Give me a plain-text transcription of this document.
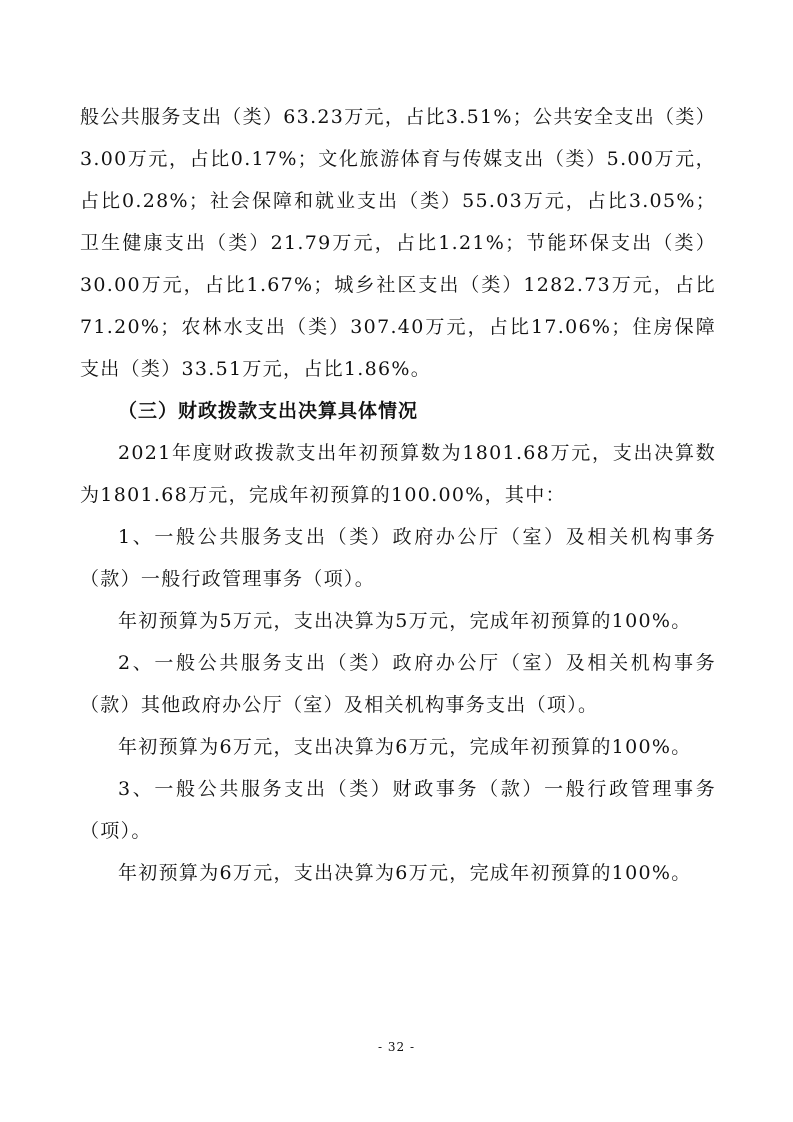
般公共服务支出（类）63.23万元，占比3.51%；公共安全支出（类）3.00万元，占比0.17%；文化旅游体育与传媒支出（类）5.00万元，占比0.28%；社会保障和就业支出（类）55.03万元，占比3.05%；卫生健康支出（类）21.79万元，占比1.21%；节能环保支出（类）30.00万元，占比1.67%；城乡社区支出（类）1282.73万元，占比71.20%；农林水支出（类）307.40万元，占比17.06%；住房保障支出（类）33.51万元，占比1.86%。

（三）财政拨款支出决算具体情况

2021年度财政拨款支出年初预算数为1801.68万元，支出决算数为1801.68万元，完成年初预算的100.00%，其中：

1、一般公共服务支出（类）政府办公厅（室）及相关机构事务（款）一般行政管理事务（项）。

年初预算为5万元，支出决算为5万元，完成年初预算的100%。

2、一般公共服务支出（类）政府办公厅（室）及相关机构事务（款）其他政府办公厅（室）及相关机构事务支出（项）。

年初预算为6万元，支出决算为6万元，完成年初预算的100%。

3、一般公共服务支出（类）财政事务（款）一般行政管理事务（项）。

年初预算为6万元，支出决算为6万元，完成年初预算的100%。

- 32 -
